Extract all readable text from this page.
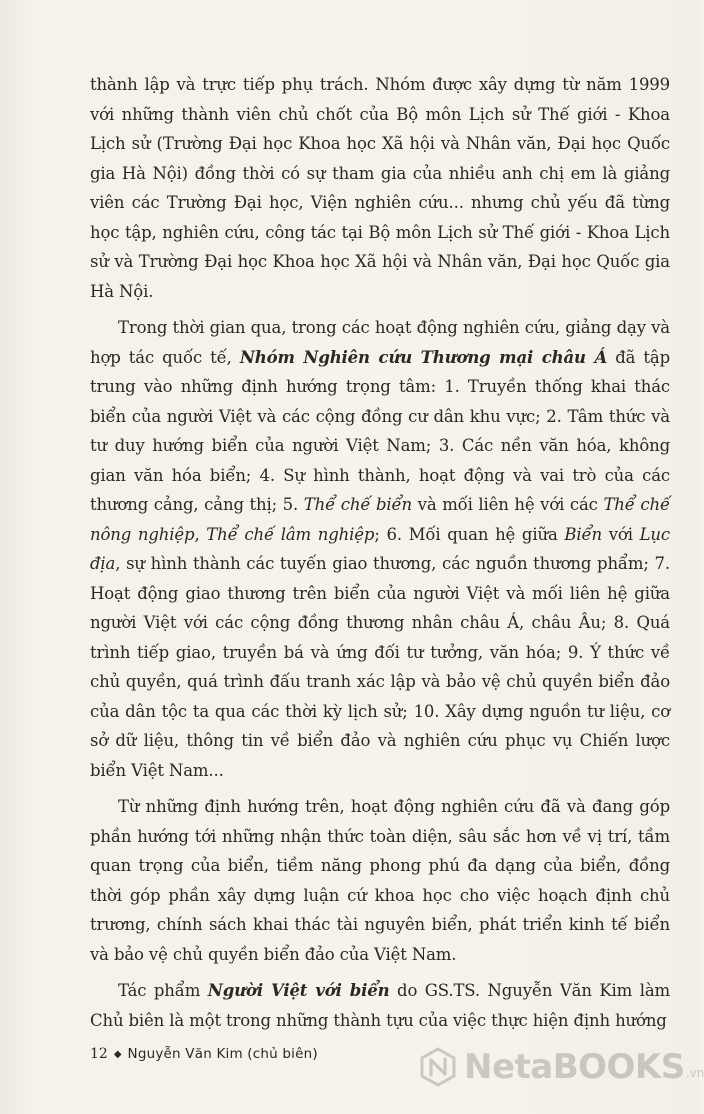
thành lập và trực tiếp phụ trách. Nhóm được xây dựng từ năm 1999 với những thành viên chủ chốt của Bộ môn Lịch sử Thế giới - Khoa Lịch sử (Trường Đại học Khoa học Xã hội và Nhân văn, Đại học Quốc gia Hà Nội) đồng thời có sự tham gia của nhiều anh chị em là giảng viên các Trường Đại học, Viện nghiên cứu... nhưng chủ yếu đã từng học tập, nghiên cứu, công tác tại Bộ môn Lịch sử Thế giới - Khoa Lịch sử và Trường Đại học Khoa học Xã hội và Nhân văn, Đại học Quốc gia Hà Nội.

Trong thời gian qua, trong các hoạt động nghiên cứu, giảng dạy và hợp tác quốc tế, Nhóm Nghiên cứu Thương mại châu Á đã tập trung vào những định hướng trọng tâm: 1. Truyền thống khai thác biển của người Việt và các cộng đồng cư dân khu vực; 2. Tâm thức và tư duy hướng biển của người Việt Nam; 3. Các nền văn hóa, không gian văn hóa biển; 4. Sự hình thành, hoạt động và vai trò của các thương cảng, cảng thị; 5. Thể chế biển và mối liên hệ với các Thể chế nông nghiệp, Thể chế lâm nghiệp; 6. Mối quan hệ giữa Biển với Lục địa, sự hình thành các tuyến giao thương, các nguồn thương phẩm; 7. Hoạt động giao thương trên biển của người Việt và mối liên hệ giữa người Việt với các cộng đồng thương nhân châu Á, châu Âu; 8. Quá trình tiếp giao, truyền bá và ứng đối tư tưởng, văn hóa; 9. Ý thức về chủ quyền, quá trình đấu tranh xác lập và bảo vệ chủ quyền biển đảo của dân tộc ta qua các thời kỳ lịch sử; 10. Xây dựng nguồn tư liệu, cơ sở dữ liệu, thông tin về biển đảo và nghiên cứu phục vụ Chiến lược biển Việt Nam...

Từ những định hướng trên, hoạt động nghiên cứu đã và đang góp phần hướng tới những nhận thức toàn diện, sâu sắc hơn về vị trí, tầm quan trọng của biển, tiềm năng phong phú đa dạng của biển, đồng thời góp phần xây dựng luận cứ khoa học cho việc hoạch định chủ trương, chính sách khai thác tài nguyên biển, phát triển kinh tế biển và bảo vệ chủ quyền biển đảo của Việt Nam.

Tác phẩm Người Việt với biển do GS.TS. Nguyễn Văn Kim làm Chủ biên là một trong những thành tựu của việc thực hiện định hướng

12 ◆ Nguyễn Văn Kim (chủ biên)	NetaBOOKS .vn
